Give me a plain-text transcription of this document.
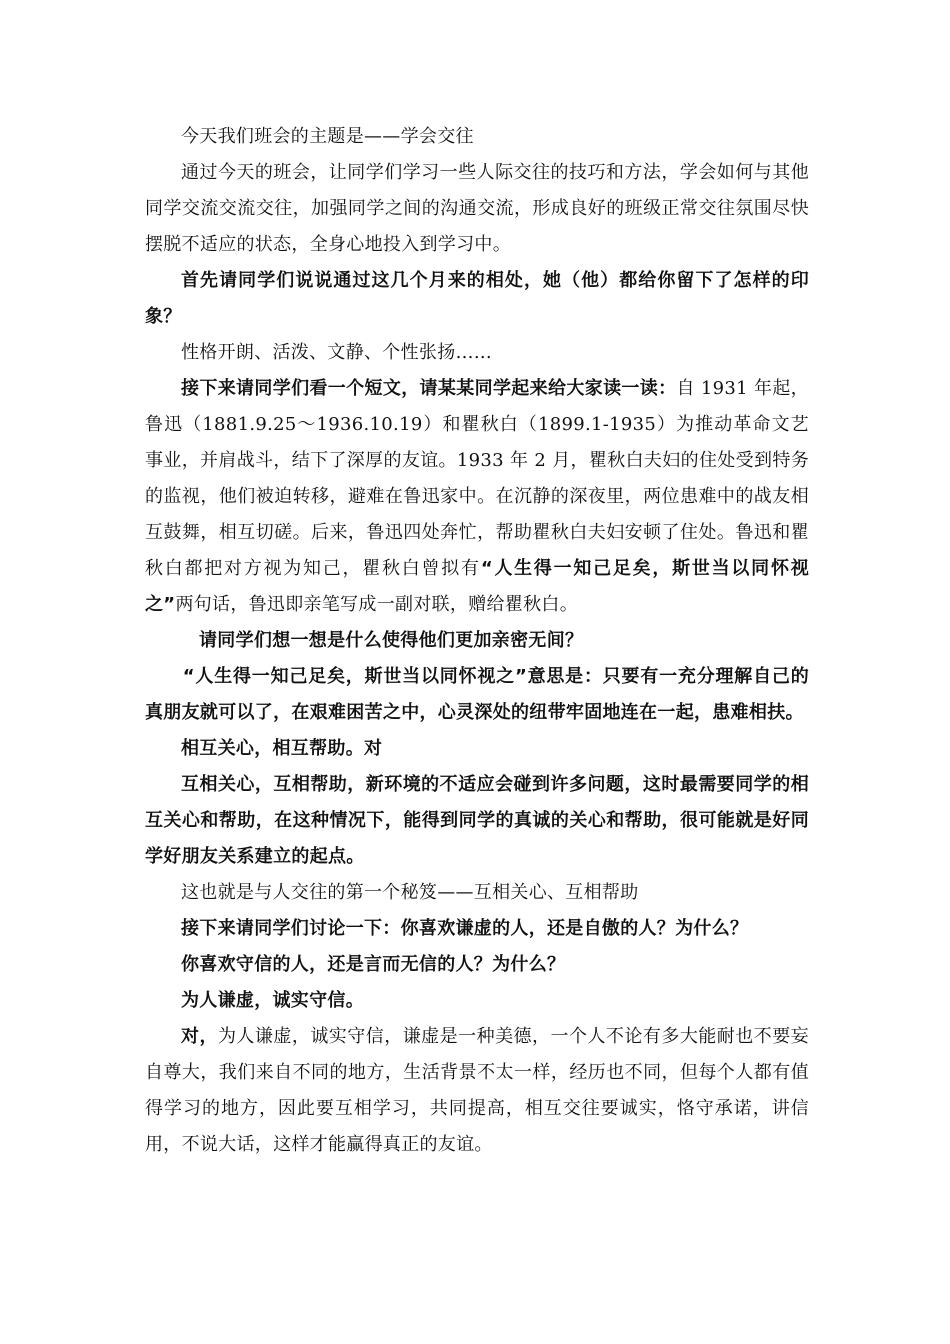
今天我们班会的主题是——学会交往

通过今天的班会，让同学们学习一些人际交往的技巧和方法，学会如何与其他同学交流交流交往，加强同学之间的沟通交流，形成良好的班级正常交往氛围尽快摆脱不适应的状态，全身心地投入到学习中。

首先请同学们说说通过这几个月来的相处，她（他）都给你留下了怎样的印象？

性格开朗、活泼、文静、个性张扬……

接下来请同学们看一个短文，请某某同学起来给大家读一读：自 1931 年起，鲁迅（1881.9.25～1936.10.19）和瞿秋白（1899.1-1935）为推动革命文艺事业，并肩战斗，结下了深厚的友谊。1933 年 2 月，瞿秋白夫妇的住处受到特务的监视，他们被迫转移，避难在鲁迅家中。在沉静的深夜里，两位患难中的战友相互鼓舞，相互切磋。后来，鲁迅四处奔忙，帮助瞿秋白夫妇安顿了住处。鲁迅和瞿秋白都把对方视为知己，瞿秋白曾拟有“人生得一知己足矣，斯世当以同怀视之”两句话，鲁迅即亲笔写成一副对联，赠给瞿秋白。

请同学们想一想是什么使得他们更加亲密无间？

“人生得一知己足矣，斯世当以同怀视之”意思是：只要有一充分理解自己的真朋友就可以了，在艰难困苦之中，心灵深处的纽带牢固地连在一起，患难相扶。

相互关心，相互帮助。对

互相关心，互相帮助，新环境的不适应会碰到许多问题，这时最需要同学的相互关心和帮助，在这种情况下，能得到同学的真诚的关心和帮助，很可能就是好同学好朋友关系建立的起点。

这也就是与人交往的第一个秘笈——互相关心、互相帮助

接下来请同学们讨论一下：你喜欢谦虚的人，还是自傲的人？为什么？

你喜欢守信的人，还是言而无信的人？为什么？

为人谦虚，诚实守信。

对，为人谦虚，诚实守信，谦虚是一种美德，一个人不论有多大能耐也不要妄自尊大，我们来自不同的地方，生活背景不太一样，经历也不同，但每个人都有值得学习的地方，因此要互相学习，共同提高，相互交往要诚实，恪守承诺，讲信用，不说大话，这样才能赢得真正的友谊。
